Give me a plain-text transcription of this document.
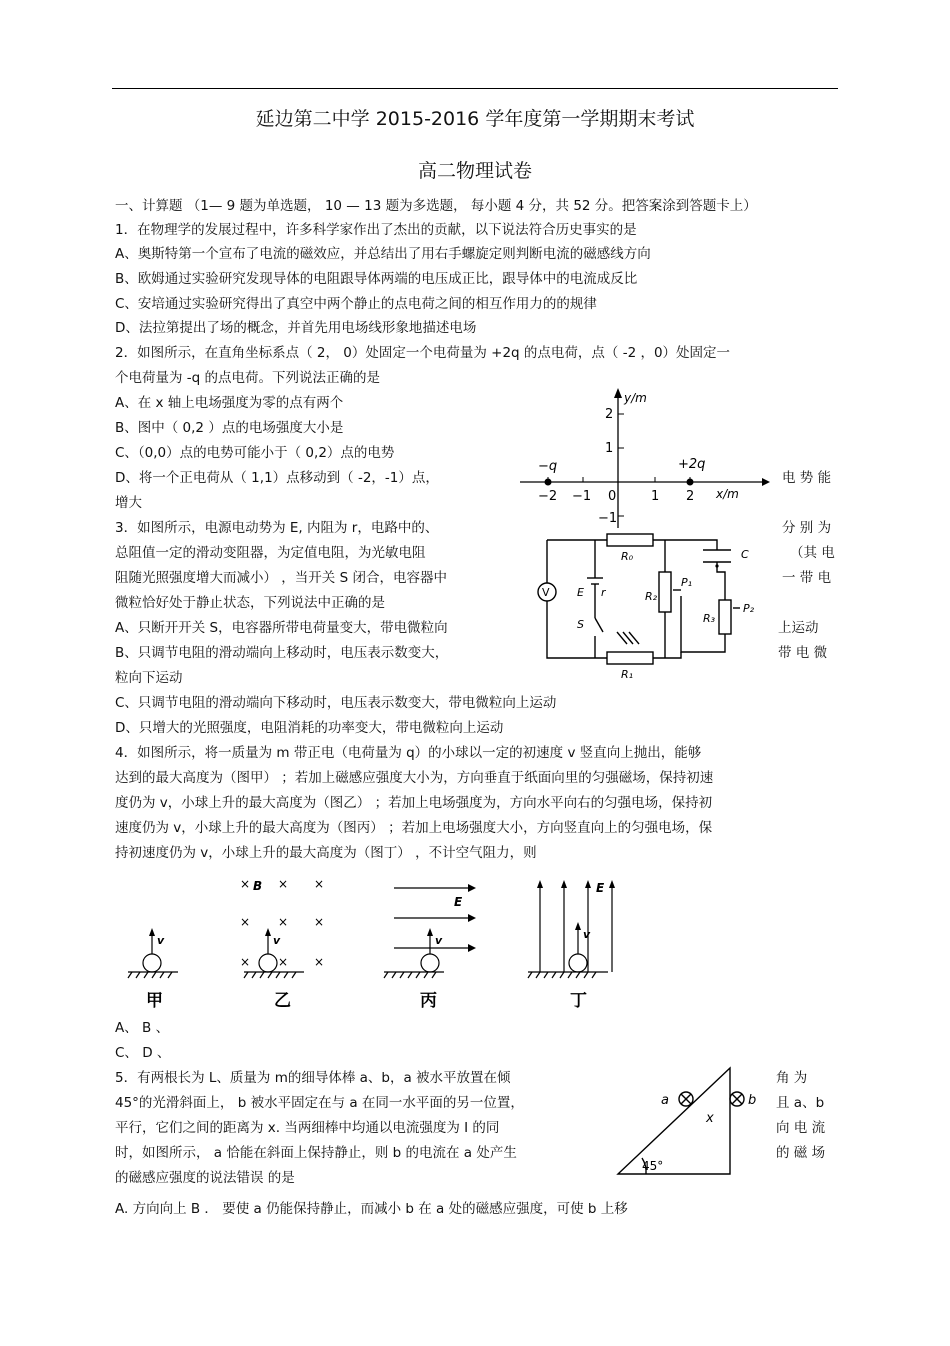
延边第二中学 2015-2016 学年度第一学期期末考试
高二物理试卷
一、计算题 （1— 9 题为单选题， 10 — 13 题为多选题， 每小题 4 分，共 52 分。把答案涂到答题卡上）
1．在物理学的发展过程中，许多科学家作出了杰出的贡献，以下说法符合历史事实的是
A、奥斯特第一个宣布了电流的磁效应，并总结出了用右手螺旋定则判断电流的磁感线方向
B、欧姆通过实验研究发现导体的电阻跟导体两端的电压成正比，跟导体中的电流成反比
C、安培通过实验研究得出了真空中两个静止的点电荷之间的相互作用力的的规律
D、法拉第提出了场的概念，并首先用电场线形象地描述电场
2．如图所示，在直角坐标系点（ 2， 0）处固定一个电荷量为 +2q 的点电荷，点（ -2 ，0）处固定一
个电荷量为 -q 的点电荷。下列说法正确的是
A、在 x 轴上电场强度为零的点有两个
B、图中（ 0,2 ）点的电场强度大小是
C、（0,0）点的电势可能小于（ 0,2）点的电势
D、将一个正电荷从（ 1,1）点移动到（ -2，-1）点，	电 势 能
增大
y/m
x/m
−q	+2q
2
1
−1
−2 −1 0	1 2
3．如图所示，电源电动势为 E, 内阻为 r，电路中的、	分 别 为
总阻值一定的滑动变阻器，为定值电阻，为光敏电阻	（其 电
阻随光照强度增大而减小） ，当开关 S 闭合，电容器中	一 带 电
微粒恰好处于静止状态，下列说法中正确的是
A、只断开开关 S，电容器所带电荷量变大，带电微粒向	上运动
B、只调节电阻的滑动端向上移动时，电压表示数变大，	带 电 微
粒向下运动
C、只调节电阻的滑动端向下移动时，电压表示数变大，带电微粒向上运动
D、只增大的光照强度，电阻消耗的功率变大，带电微粒向上运动
V
R₀
R₁
R₂
R₃
P₁
P₂
C
E r
S
4．如图所示，将一质量为 m 带正电（电荷量为 q）的小球以一定的初速度 v 竖直向上抛出，能够
达到的最大高度为（图甲） ；若加上磁感应强度大小为，方向垂直于纸面向里的匀强磁场，保持初速
度仍为 v，小球上升的最大高度为（图乙） ；若加上电场强度为，方向水平向右的匀强电场，保持初
速度仍为 v，小球上升的最大高度为（图丙） ；若加上电场强度大小，方向竖直向上的匀强电场，保
持初速度仍为 v，小球上升的最大高度为（图丁） ，不计空气阻力，则
× × ×
× × ×
× × ×
v	v	v	v
B
E
E
甲	乙	丙	丁
A、 B 、
C、 D 、
5．有两根长为 L、质量为 m的细导体棒 a、b，a 被水平放置在倾	角 为
45°的光滑斜面上， b 被水平固定在与 a 在同一水平面的另一位置，	且 a、b
平行，它们之间的距离为 x. 当两细棒中均通以电流强度为 I 的同	向 电 流
时，如图所示， a 恰能在斜面上保持静止，则 b 的电流在 a 处产生	的 磁 场
的磁感应强度的说法错误 的是
A. 方向向上 B ． 要使 a 仍能保持静止，而减小 b 在 a 处的磁感应强度，可使 b 上移
a	b
x
45°
